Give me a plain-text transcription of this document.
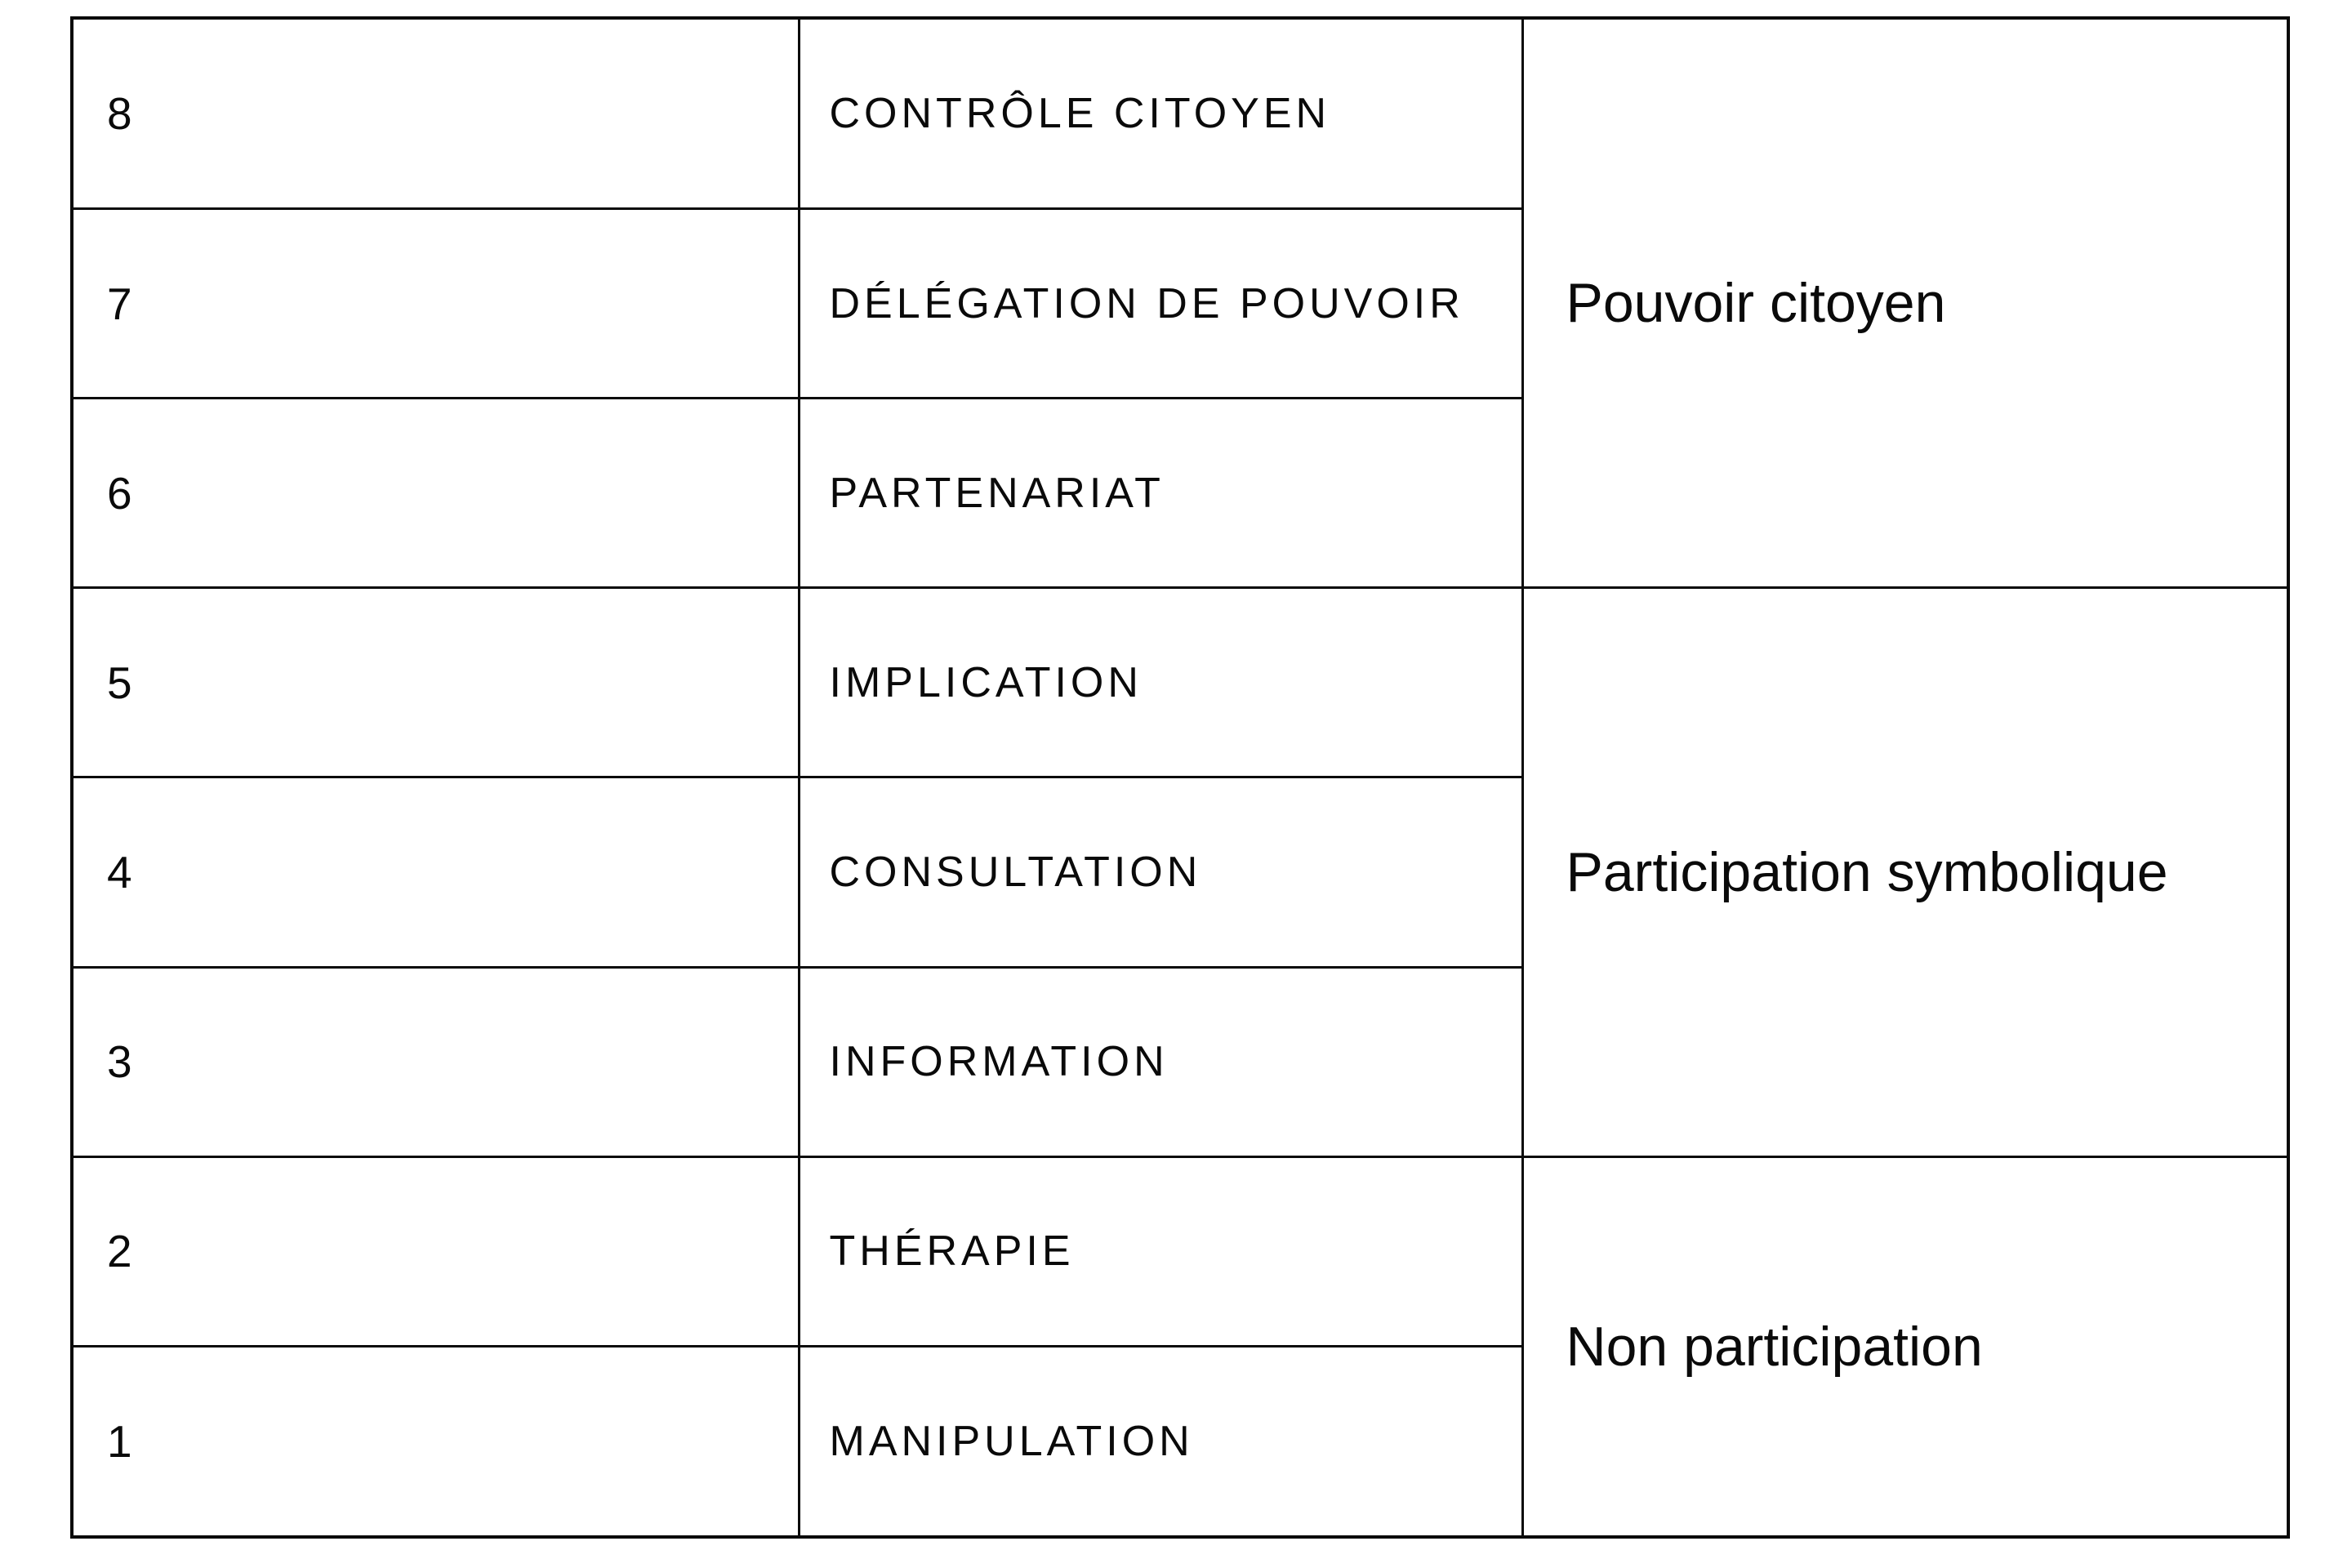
8	CONTRÔLE CITOYEN	Pouvoir citoyen
7	DÉLÉGATION DE POUVOIR	
6	PARTENARIAT	
5	IMPLICATION	Participation symbolique
4	CONSULTATION	
3	INFORMATION	
2	THÉRAPIE	Non participation
1	MANIPULATION	
